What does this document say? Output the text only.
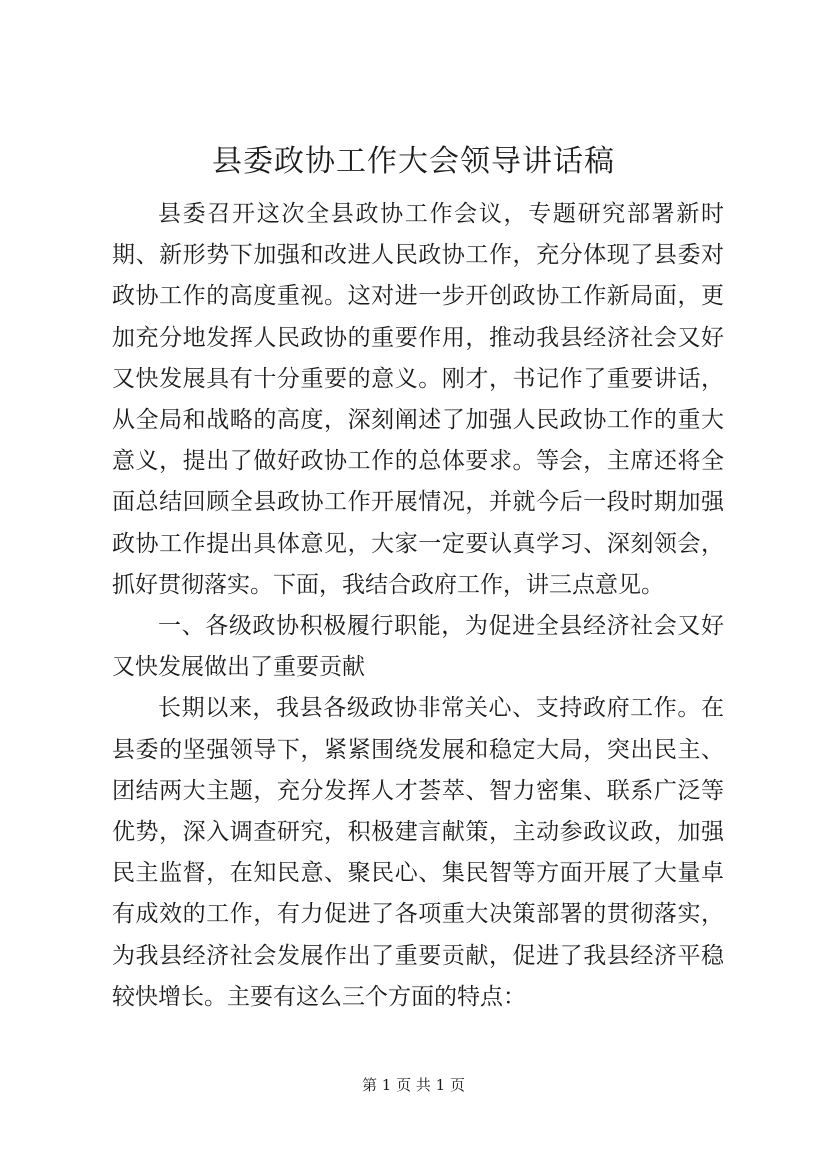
县委政协工作大会领导讲话稿

县委召开这次全县政协工作会议，专题研究部署新时期、新形势下加强和改进人民政协工作，充分体现了县委对政协工作的高度重视。这对进一步开创政协工作新局面，更加充分地发挥人民政协的重要作用，推动我县经济社会又好又快发展具有十分重要的意义。刚才，书记作了重要讲话，从全局和战略的高度，深刻阐述了加强人民政协工作的重大意义，提出了做好政协工作的总体要求。等会，主席还将全面总结回顾全县政协工作开展情况，并就今后一段时期加强政协工作提出具体意见，大家一定要认真学习、深刻领会，抓好贯彻落实。下面，我结合政府工作，讲三点意见。

一、各级政协积极履行职能，为促进全县经济社会又好又快发展做出了重要贡献

长期以来，我县各级政协非常关心、支持政府工作。在县委的坚强领导下，紧紧围绕发展和稳定大局，突出民主、团结两大主题，充分发挥人才荟萃、智力密集、联系广泛等优势，深入调查研究，积极建言献策，主动参政议政，加强民主监督，在知民意、聚民心、集民智等方面开展了大量卓有成效的工作，有力促进了各项重大决策部署的贯彻落实，为我县经济社会发展作出了重要贡献，促进了我县经济平稳较快增长。主要有这么三个方面的特点：

第 1 页 共 1 页
